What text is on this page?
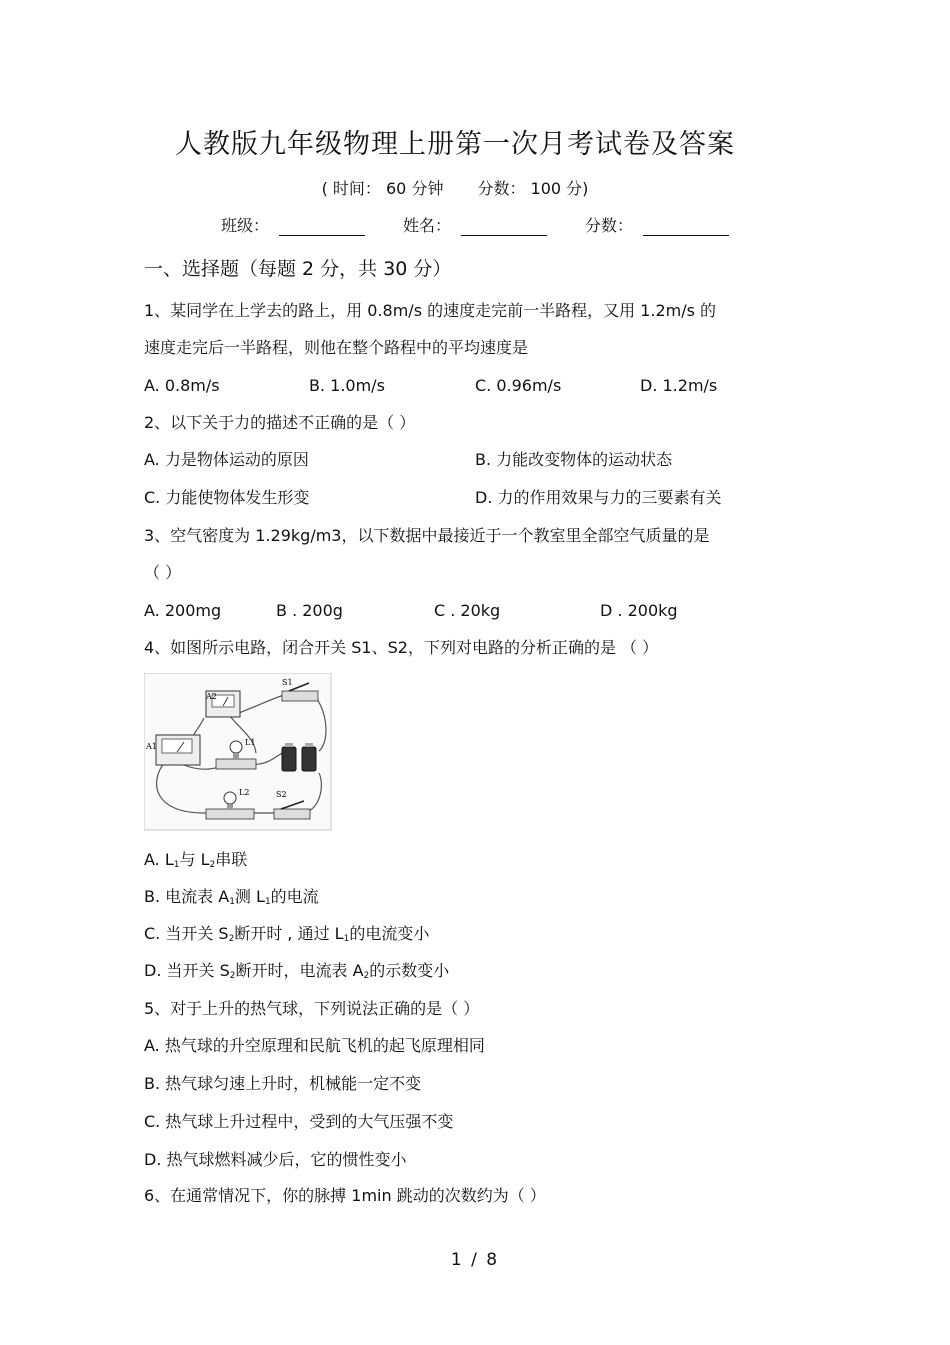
人教版九年级物理上册第一次月考试卷及答案
( 时间： 60 分钟 分数： 100 分)
班级：	姓名：	分数：
一、选择题（每题 2 分，共 30 分）
1、某同学在上学去的路上，用 0.8m/s 的速度走完前一半路程，又用 1.2m/s 的
速度走完后一半路程，则他在整个路程中的平均速度是
A. 0.8m/s	B. 1.0m/s	C. 0.96m/s	D. 1.2m/s
2、以下关于力的描述不正确的是（ ）
A. 力是物体运动的原因	B. 力能改变物体的运动状态
C. 力能使物体发生形变	D. 力的作用效果与力的三要素有关
3、空气密度为 1.29kg/m3，以下数据中最接近于一个教室里全部空气质量的是
（ ）
A. 200mg	B . 200g	C . 20kg	D . 200kg
4、如图所示电路，闭合开关 S1、S2，下列对电路的分析正确的是 （ ）
A2
S1
A1	L1
L2	S2
A. $L_1$与 $L_2$串联
B. 电流表 $A_1$测 $L_1$的电流
C. 当开关 $S_2$断开时 , 通过 $L_1$的电流变小
D. 当开关 $S_2$断开时，电流表 $A_2$的示数变小
5、对于上升的热气球，下列说法正确的是（ ）
A. 热气球的升空原理和民航飞机的起飞原理相同
B. 热气球匀速上升时，机械能一定不变
C. 热气球上升过程中，受到的大气压强不变
D. 热气球燃料减少后，它的惯性变小
6、在通常情况下，你的脉搏 1min 跳动的次数约为（ ）
1 / 8
